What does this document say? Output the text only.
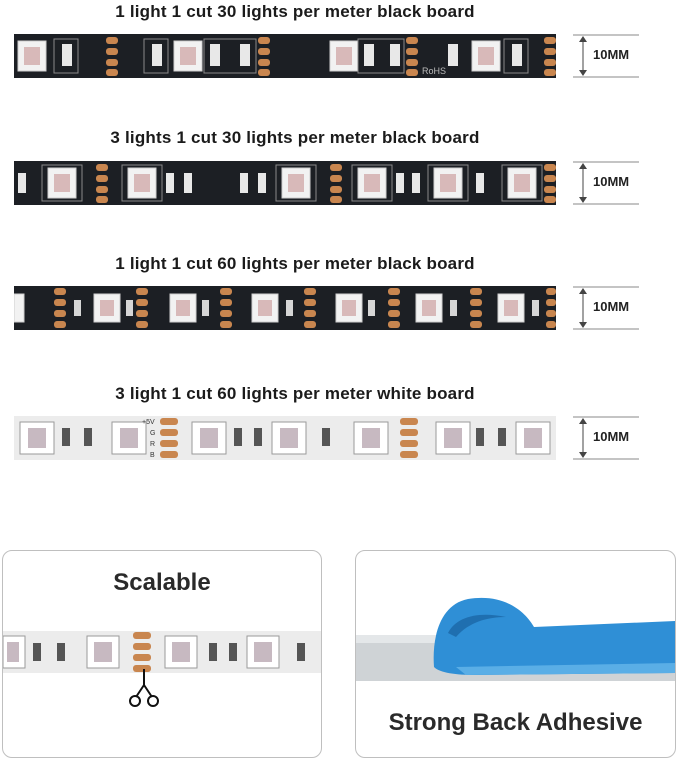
1 light 1 cut 30 lights per meter black board
RoHS
10MM
3 lights 1 cut 30 lights per meter black board
10MM
1 light 1 cut 60 lights per meter black board
10MM
3 light 1 cut 60 lights per meter white board
+5V
G
R
B
10MM
Scalable
Strong Back Adhesive
